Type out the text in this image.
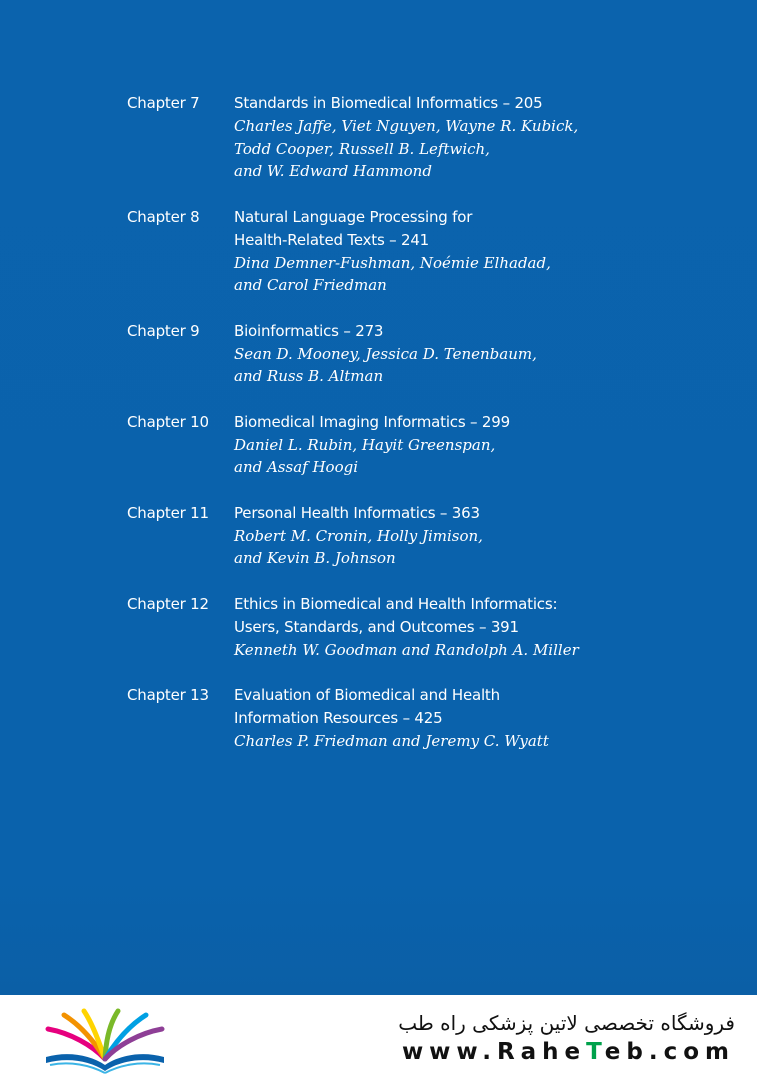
Chapter 7	Standards in Biomedical Informatics – 205
Charles Jaffe, Viet Nguyen, Wayne R. Kubick,
Todd Cooper, Russell B. Leftwich,
and W. Edward Hammond
Chapter 8	Natural Language Processing for
Health-Related Texts – 241
Dina Demner-Fushman, Noémie Elhadad,
and Carol Friedman
Chapter 9	Bioinformatics – 273
Sean D. Mooney, Jessica D. Tenenbaum,
and Russ B. Altman
Chapter 10	Biomedical Imaging Informatics – 299
Daniel L. Rubin, Hayit Greenspan,
and Assaf Hoogi
Chapter 11	Personal Health Informatics – 363
Robert M. Cronin, Holly Jimison,
and Kevin B. Johnson
Chapter 12	Ethics in Biomedical and Health Informatics:
Users, Standards, and Outcomes – 391
Kenneth W. Goodman and Randolph A. Miller
Chapter 13	Evaluation of Biomedical and Health
Information Resources – 425
Charles P. Friedman and Jeremy C. Wyatt
فروشگاه تخصصی لاتین پزشکی راه طب
www.RaheTeb.com
